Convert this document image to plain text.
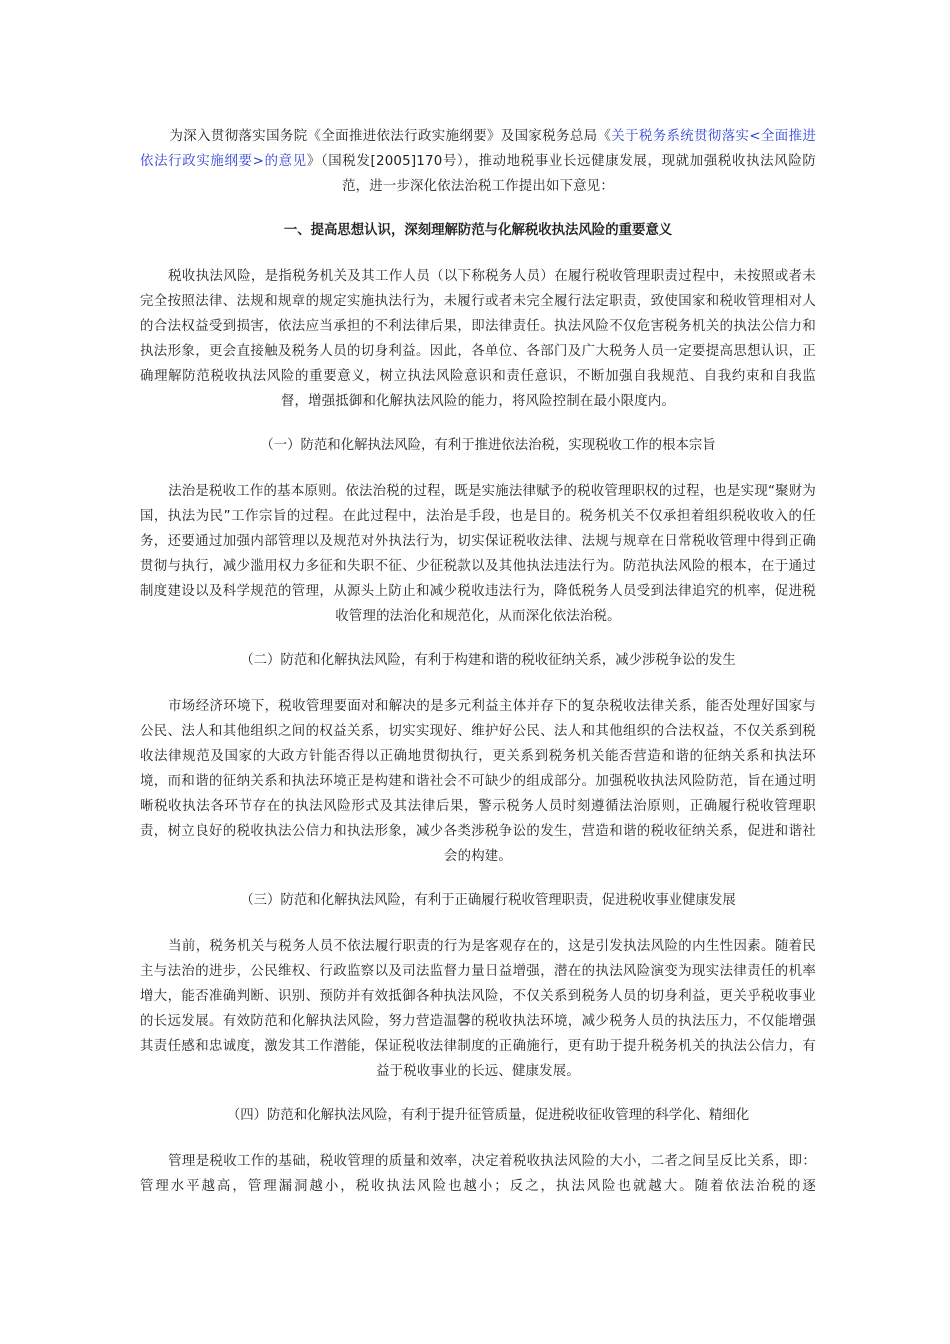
为深入贯彻落实国务院《全面推进依法行政实施纲要》及国家税务总局《关于税务系统贯彻落实<全面推进依法行政实施纲要>的意见》（国税发[2005]170号），推动地税事业长远健康发展，现就加强税收执法风险防范，进一步深化依法治税工作提出如下意见：

一、提高思想认识，深刻理解防范与化解税收执法风险的重要意义

税收执法风险，是指税务机关及其工作人员（以下称税务人员）在履行税收管理职责过程中，未按照或者未完全按照法律、法规和规章的规定实施执法行为，未履行或者未完全履行法定职责，致使国家和税收管理相对人的合法权益受到损害，依法应当承担的不利法律后果，即法律责任。执法风险不仅危害税务机关的执法公信力和执法形象，更会直接触及税务人员的切身利益。因此，各单位、各部门及广大税务人员一定要提高思想认识，正确理解防范税收执法风险的重要意义，树立执法风险意识和责任意识，不断加强自我规范、自我约束和自我监督，增强抵御和化解执法风险的能力，将风险控制在最小限度内。

（一）防范和化解执法风险，有利于推进依法治税，实现税收工作的根本宗旨

法治是税收工作的基本原则。依法治税的过程，既是实施法律赋予的税收管理职权的过程，也是实现“聚财为国，执法为民”工作宗旨的过程。在此过程中，法治是手段，也是目的。税务机关不仅承担着组织税收收入的任务，还要通过加强内部管理以及规范对外执法行为，切实保证税收法律、法规与规章在日常税收管理中得到正确贯彻与执行，减少滥用权力多征和失职不征、少征税款以及其他执法违法行为。防范执法风险的根本，在于通过制度建设以及科学规范的管理，从源头上防止和减少税收违法行为，降低税务人员受到法律追究的机率，促进税收管理的法治化和规范化，从而深化依法治税。

（二）防范和化解执法风险，有利于构建和谐的税收征纳关系，减少涉税争讼的发生

市场经济环境下，税收管理要面对和解决的是多元利益主体并存下的复杂税收法律关系，能否处理好国家与公民、法人和其他组织之间的权益关系，切实实现好、维护好公民、法人和其他组织的合法权益，不仅关系到税收法律规范及国家的大政方针能否得以正确地贯彻执行，更关系到税务机关能否营造和谐的征纳关系和执法环境，而和谐的征纳关系和执法环境正是构建和谐社会不可缺少的组成部分。加强税收执法风险防范，旨在通过明晰税收执法各环节存在的执法风险形式及其法律后果，警示税务人员时刻遵循法治原则，正确履行税收管理职责，树立良好的税收执法公信力和执法形象，减少各类涉税争讼的发生，营造和谐的税收征纳关系，促进和谐社会的构建。

（三）防范和化解执法风险，有利于正确履行税收管理职责，促进税收事业健康发展

当前，税务机关与税务人员不依法履行职责的行为是客观存在的，这是引发执法风险的内生性因素。随着民主与法治的进步，公民维权、行政监察以及司法监督力量日益增强，潜在的执法风险演变为现实法律责任的机率增大，能否准确判断、识别、预防并有效抵御各种执法风险，不仅关系到税务人员的切身利益，更关乎税收事业的长远发展。有效防范和化解执法风险，努力营造温馨的税收执法环境，减少税务人员的执法压力，不仅能增强其责任感和忠诚度，激发其工作潜能，保证税收法律制度的正确施行，更有助于提升税务机关的执法公信力，有益于税收事业的长远、健康发展。

（四）防范和化解执法风险，有利于提升征管质量，促进税收征收管理的科学化、精细化

管理是税收工作的基础，税收管理的质量和效率，决定着税收执法风险的大小，二者之间呈反比关系，即：管理水平越高，管理漏洞越小，税收执法风险也越小；反之，执法风险也就越大。随着依法治税的逐
